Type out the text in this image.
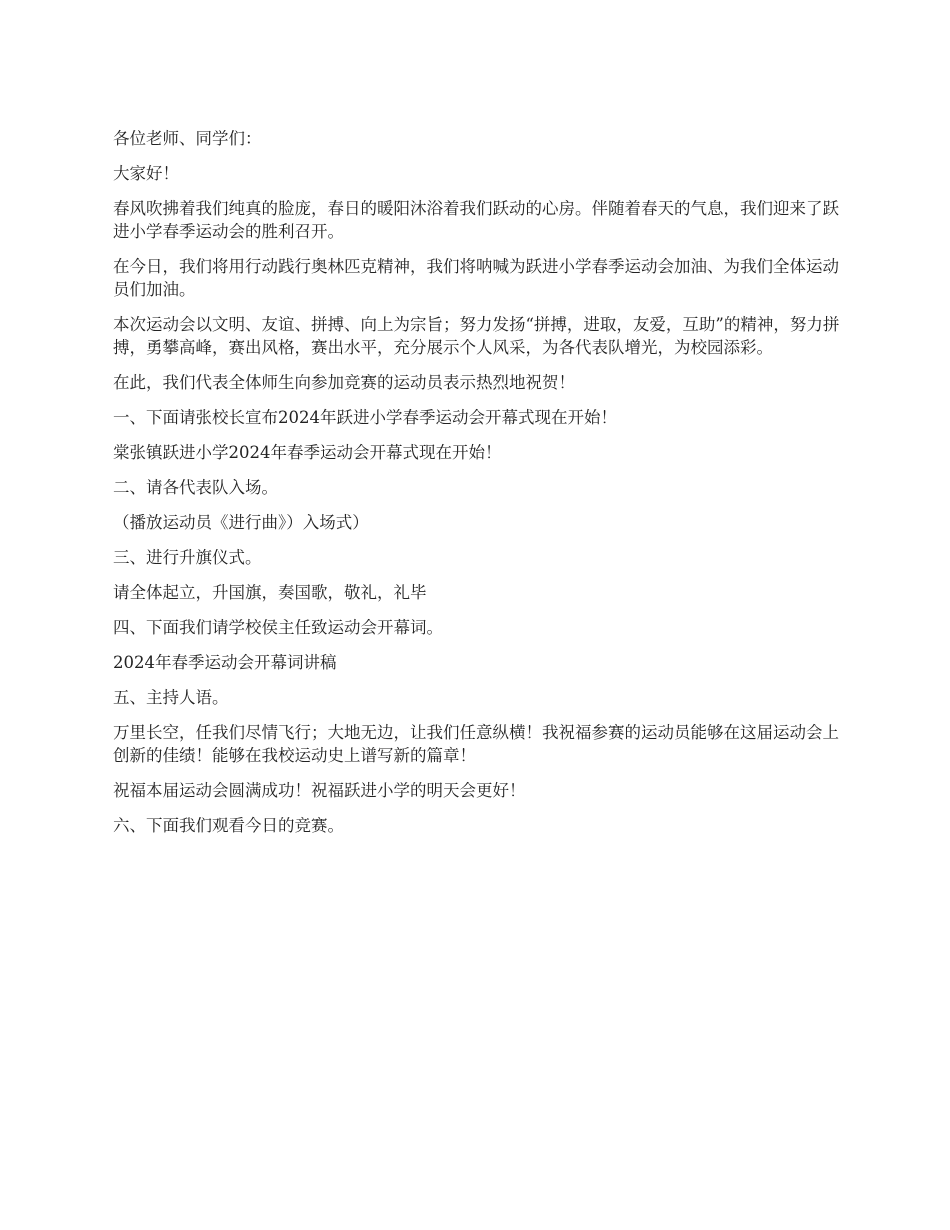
各位老师、同学们：

大家好！

春风吹拂着我们纯真的脸庞，春日的暖阳沐浴着我们跃动的心房。伴随着春天的气息，我们迎来了跃进小学春季运动会的胜利召开。

在今日，我们将用行动践行奥林匹克精神，我们将呐喊为跃进小学春季运动会加油、为我们全体运动员们加油。

本次运动会以文明、友谊、拼搏、向上为宗旨；努力发扬“拼搏，进取，友爱，互助”的精神，努力拼搏，勇攀高峰，赛出风格，赛出水平，充分展示个人风采，为各代表队增光，为校园添彩。

在此，我们代表全体师生向参加竞赛的运动员表示热烈地祝贺！

一、下面请张校长宣布2024年跃进小学春季运动会开幕式现在开始！

棠张镇跃进小学2024年春季运动会开幕式现在开始！

二、请各代表队入场。

（播放运动员《进行曲》）入场式）

三、进行升旗仪式。

请全体起立，升国旗，奏国歌，敬礼，礼毕

四、下面我们请学校侯主任致运动会开幕词。

2024年春季运动会开幕词讲稿

五、主持人语。

万里长空，任我们尽情飞行；大地无边，让我们任意纵横！我祝福参赛的运动员能够在这届运动会上创新的佳绩！能够在我校运动史上谱写新的篇章！

祝福本届运动会圆满成功！祝福跃进小学的明天会更好！

六、下面我们观看今日的竞赛。
